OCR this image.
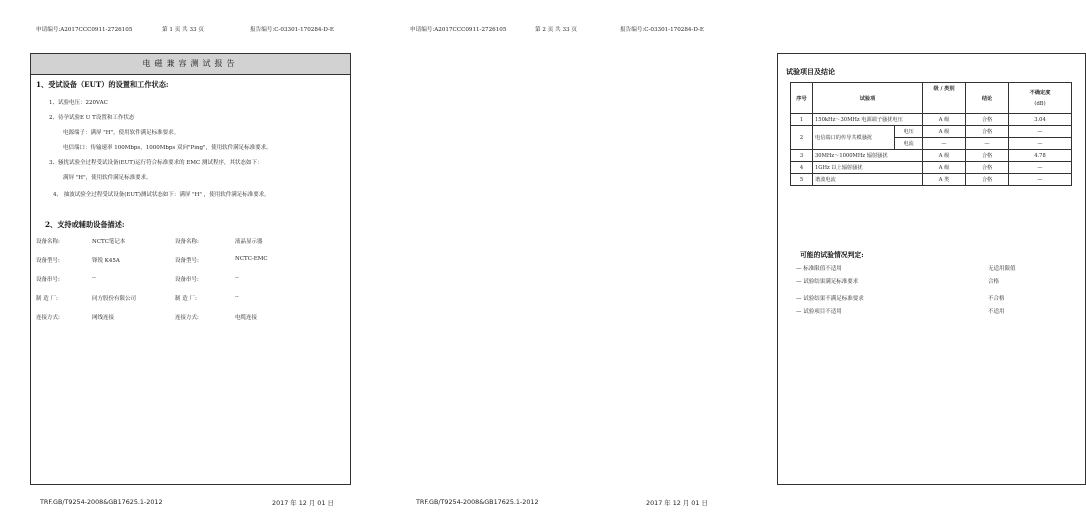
申请编号:A2017CCC0911-2726105	第 1 页 共 33 页	报告编号:C-03301-170284-D-E
电磁兼容测试报告
1、受试设备（EUT）的设置和工作状态:
1、试验电压：220VAC
2、待孕试验E U T设置和工作状态
电源端子：满屏 "H"，使用软件满足标准要求。
电信端口：传输速率 100Mbps，1000Mbps 双向"Ping"，使用软件满足标准要求。
3、骚扰试验全过程受试设备(EUT)运行符合标准要求的 EMC 测试程序，其状态如下：
满屏 "H"，使用软件满足标准要求。
4、 抽波试验全过程受试设备(EUT)测试状态如下：满屏 "H" ，使用软件满足标准要求。
2、支持或辅助设备描述:
设备名称:	NCTC笔记本	设备名称:	液晶显示器
设备型号:	锋锐 K45A	设备型号:	NCTC-EMC
设备串号:	--	设备串号:	--
制 造 厂:	同方股份有限公司	制 造 厂:	--
连接方式:	网线连接	连接方式:	电缆连接
TRF.GB/T9254-2008&GB17625.1-2012	2017 年 12 月 01 日
申请编号:A2017CCC0911-2726105	第 2 页 共 33 页	报告编号:C-03301-170284-D-E
试验项目及结论
序号	试验项		级 / 类别	结论	不确定度
(dB)

1	150kHz～30MHz 电源端子骚扰电压		A 级	合格	3.04
2	电信端口的传导共模骚扰	电压	A 级	合格	—
		电流	—	—	—
3	30MHz～1000MHz 辐射骚扰		A 级	合格	4.78
4	1GHz 以上辐射骚扰		A 级	合格	—
5	谐波电流		A 类	合格	—
可能的试验情况判定:
— 标准限值不适用	无适用限值
— 试验结果满足标准要求	合格
— 试验结果不满足标准要求	不合格
— 试验项目不适用	不适用
TRF.GB/T9254-2008&GB17625.1-2012	2017 年 12 月 01 日
